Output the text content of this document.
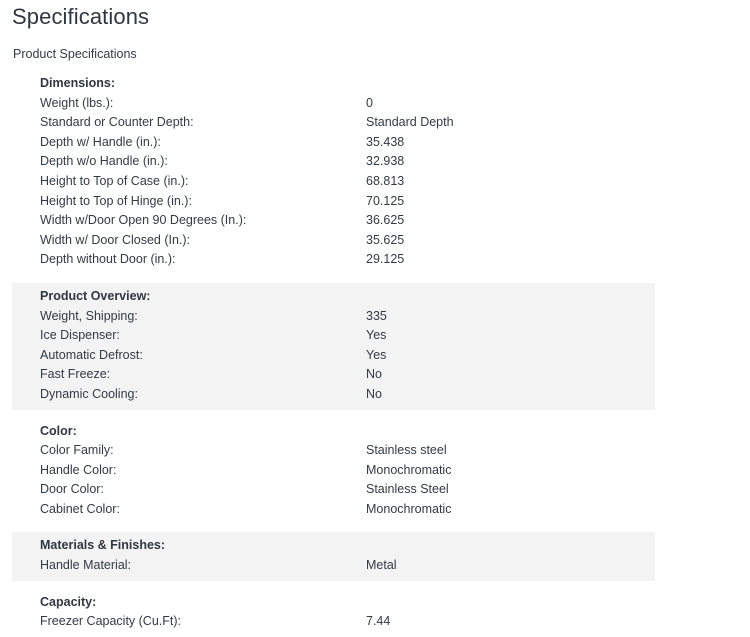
Specifications
Product Specifications
Dimensions:
Weight (lbs.):	0
Standard or Counter Depth:	Standard Depth
Depth w/ Handle (in.):	35.438
Depth w/o Handle (in.):	32.938
Height to Top of Case (in.):	68.813
Height to Top of Hinge (in.):	70.125
Width w/Door Open 90 Degrees (In.):	36.625
Width w/ Door Closed (In.):	35.625
Depth without Door (in.):	29.125
Product Overview:
Weight, Shipping:	335
Ice Dispenser:	Yes
Automatic Defrost:	Yes
Fast Freeze:	No
Dynamic Cooling:	No
Color:
Color Family:	Stainless steel
Handle Color:	Monochromatic
Door Color:	Stainless Steel
Cabinet Color:	Monochromatic
Materials & Finishes:
Handle Material:	Metal
Capacity:
Freezer Capacity (Cu.Ft):	7.44
